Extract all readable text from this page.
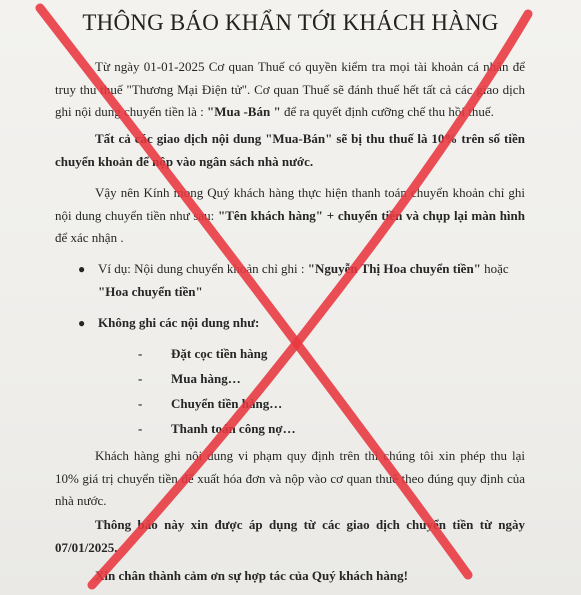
THÔNG BÁO KHẨN TỚI KHÁCH HÀNG
Từ ngày 01-01-2025 Cơ quan Thuế có quyền kiểm tra mọi tài khoản cá nhân để truy thu thuế "Thương Mại Điện tử". Cơ quan Thuế sẽ đánh thuế hết tất cả các giao dịch ghi nội dung chuyển tiền là : "Mua -Bán " để ra quyết định cưỡng chế thu hồi thuế.
Tất cả các giao dịch nội dung "Mua-Bán" sẽ bị thu thuế là 10% trên số tiền chuyển khoản để nộp vào ngân sách nhà nước.
Vậy nên Kính mong Quý khách hàng thực hiện thanh toán chuyển khoản chỉ ghi nội dung chuyển tiền như sau: "Tên khách hàng" + chuyển tiền và chụp lại màn hình để xác nhận .
● Ví dụ: Nội dung chuyển khoản chỉ ghi : "Nguyễn Thị Hoa chuyển tiền" hoặc "Hoa chuyển tiền"
● Không ghi các nội dung như:
- Đặt cọc tiền hàng
- Mua hàng…
- Chuyển tiền hàng…
- Thanh toán công nợ…
Khách hàng ghi nội dung vi phạm quy định trên thì chúng tôi xin phép thu lại 10% giá trị chuyển tiền để xuất hóa đơn và nộp vào cơ quan thuế theo đúng quy định của nhà nước.
Thông báo này xin được áp dụng từ các giao dịch chuyển tiền từ ngày 07/01/2025.
Xin chân thành cảm ơn sự hợp tác của Quý khách hàng!
